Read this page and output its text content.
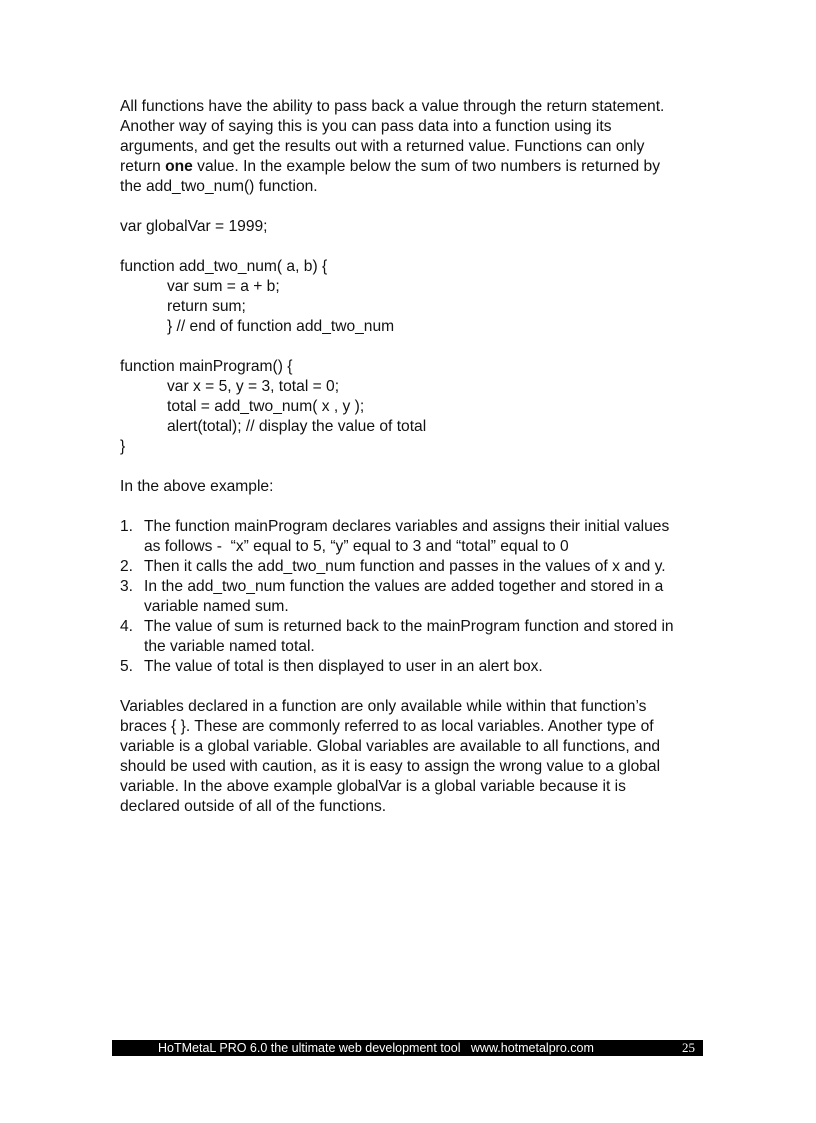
All functions have the ability to pass back a value through the return statement.
Another way of saying this is you can pass data into a function using its
arguments, and get the results out with a returned value. Functions can only
return one value. In the example below the sum of two numbers is returned by
the add_two_num() function.
var globalVar = 1999;
function add_two_num( a, b) {
var sum = a + b;
return sum;
} // end of function add_two_num
function mainProgram() {
var x = 5, y = 3, total = 0;
total = add_two_num( x , y );
alert(total); // display the value of total
}
In the above example:
1. The function mainProgram declares variables and assigns their initial values
as follows -  “x” equal to 5, “y” equal to 3 and “total” equal to 0
2. Then it calls the add_two_num function and passes in the values of x and y.
3. In the add_two_num function the values are added together and stored in a
variable named sum.
4. The value of sum is returned back to the mainProgram function and stored in
the variable named total.
5. The value of total is then displayed to user in an alert box.
Variables declared in a function are only available while within that function’s
braces { }. These are commonly referred to as local variables. Another type of
variable is a global variable. Global variables are available to all functions, and
should be used with caution, as it is easy to assign the wrong value to a global
variable. In the above example globalVar is a global variable because it is
declared outside of all of the functions.
HoTMetaL PRO 6.0 the ultimate web development tool   www.hotmetalpro.com	25
